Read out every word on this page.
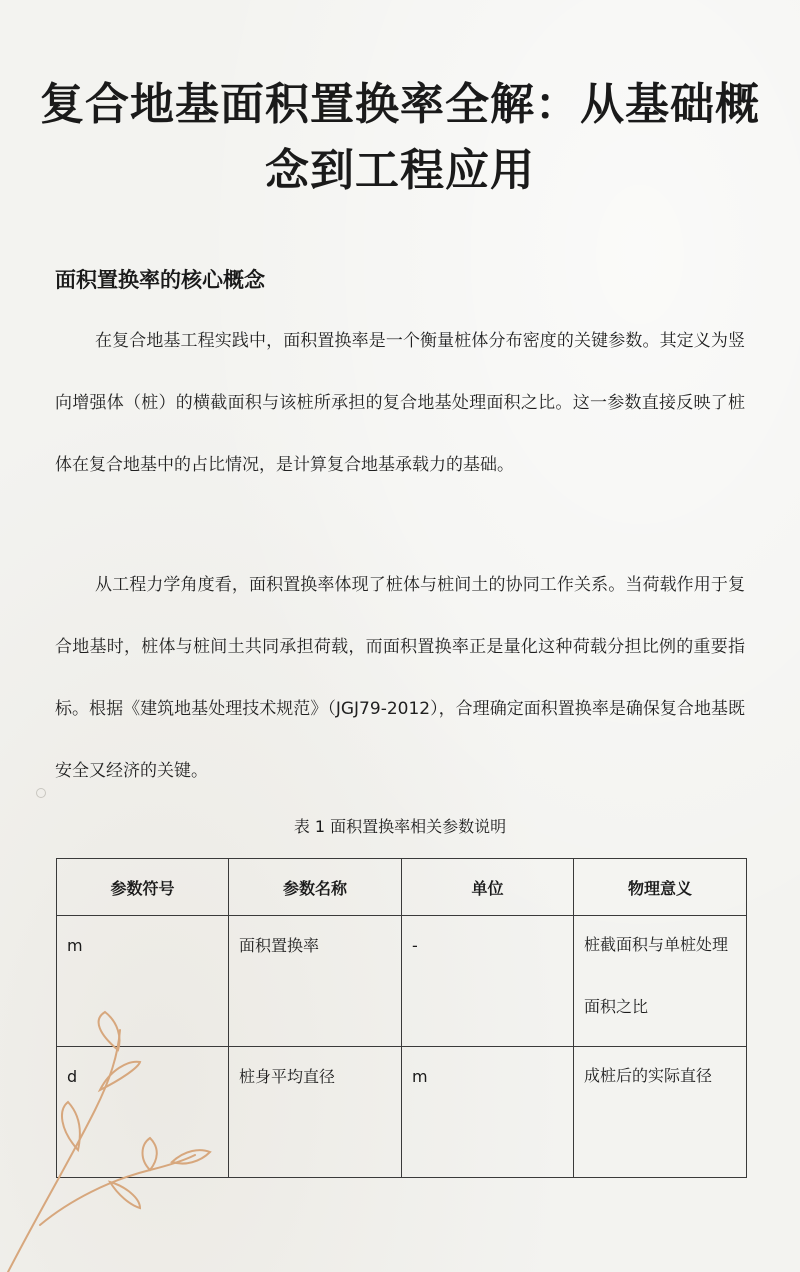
复合地基面积置换率全解：从基础概念到工程应用
面积置换率的核心概念

在复合地基工程实践中，面积置换率是一个衡量桩体分布密度的关键参数。其定义为竖向增强体（桩）的横截面积与该桩所承担的复合地基处理面积之比。这一参数直接反映了桩体在复合地基中的占比情况，是计算复合地基承载力的基础。

从工程力学角度看，面积置换率体现了桩体与桩间土的协同工作关系。当荷载作用于复合地基时，桩体与桩间土共同承担荷载，而面积置换率正是量化这种荷载分担比例的重要指标。根据《建筑地基处理技术规范》（JGJ79-2012），合理确定面积置换率是确保复合地基既安全又经济的关键。

表 1 面积置换率相关参数说明

参数符号	参数名称	单位	物理意义

m	面积置换率	-	桩截面积与单桩处理面积之比

d	桩身平均直径	m	成桩后的实际直径
